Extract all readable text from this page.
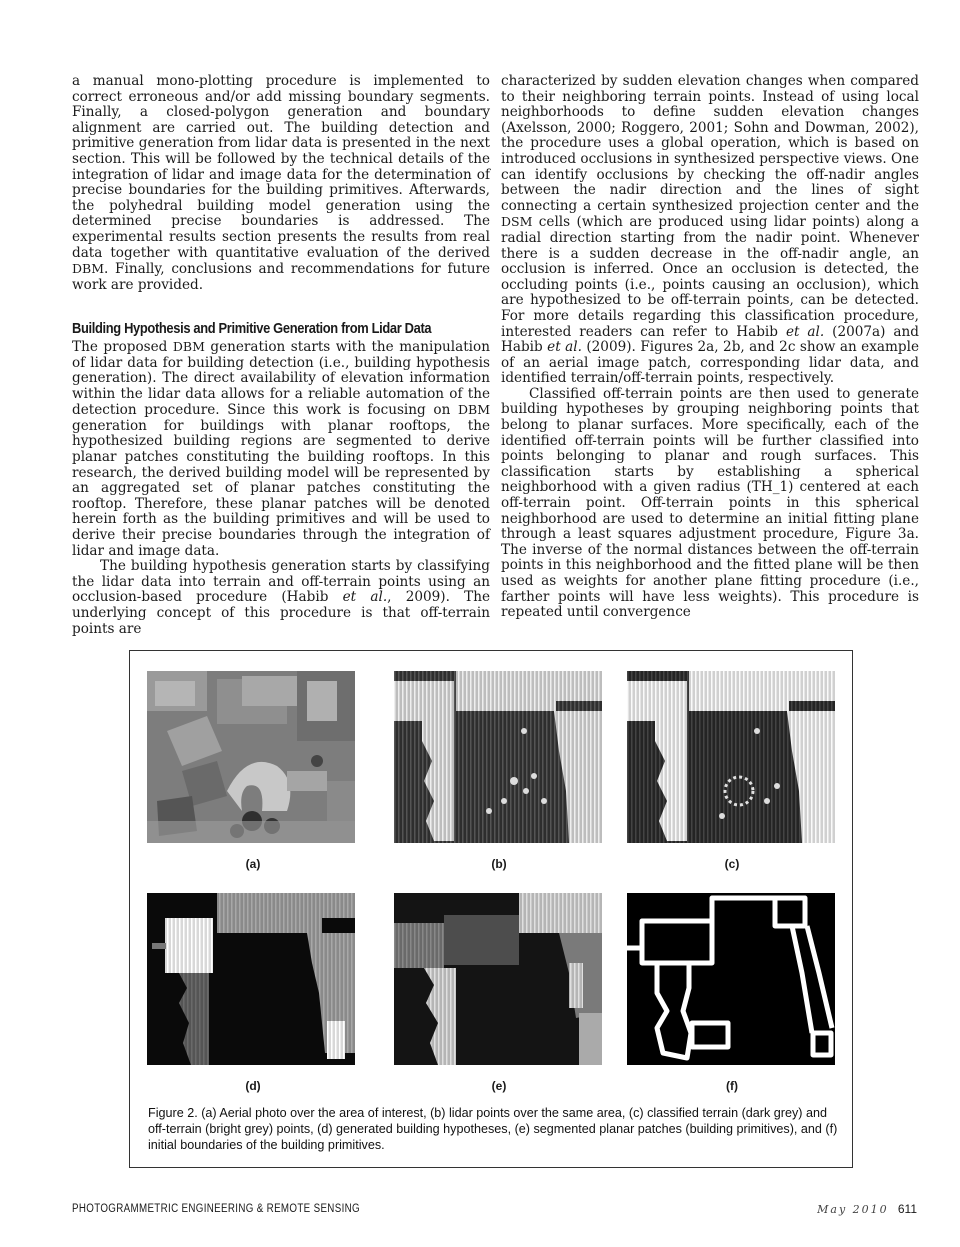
a manual mono-plotting procedure is implemented to correct erroneous and/or add missing boundary segments. Finally, a closed-polygon generation and boundary alignment are carried out. The building detection and primitive generation from lidar data is presented in the next section. This will be followed by the technical details of the integration of lidar and image data for the determination of precise boundaries for the building primitives. Afterwards, the polyhedral building model generation using the determined precise boundaries is addressed. The experimental results section presents the results from real data together with quantitative evaluation of the derived DBM. Finally, conclusions and recommendations for future work are provided.

Building Hypothesis and Primitive Generation from Lidar Data

The proposed DBM generation starts with the manipulation of lidar data for building detection (i.e., building hypothesis generation). The direct availability of elevation information within the lidar data allows for a reliable automation of the detection procedure. Since this work is focusing on DBM generation for buildings with planar rooftops, the hypothesized building regions are segmented to derive planar patches constituting the building rooftops. In this research, the derived building model will be represented by an aggregated set of planar patches constituting the rooftop. Therefore, these planar patches will be denoted herein forth as the building primitives and will be used to derive their precise boundaries through the integration of lidar and image data.

The building hypothesis generation starts by classifying the lidar data into terrain and off-terrain points using an occlusion-based procedure (Habib et al., 2009). The underlying concept of this procedure is that off-terrain points are

characterized by sudden elevation changes when compared to their neighboring terrain points. Instead of using local neighborhoods to define sudden elevation changes (Axelsson, 2000; Roggero, 2001; Sohn and Dowman, 2002), the procedure uses a global operation, which is based on introduced occlusions in synthesized perspective views. One can identify occlusions by checking the off-nadir angles between the nadir direction and the lines of sight connecting a certain synthesized projection center and the DSM cells (which are produced using lidar points) along a radial direction starting from the nadir point. Whenever there is a sudden decrease in the off-nadir angle, an occlusion is inferred. Once an occlusion is detected, the occluding points (i.e., points causing an occlusion), which are hypothesized to be off-terrain points, can be detected. For more details regarding this classification procedure, interested readers can refer to Habib et al. (2007a) and Habib et al. (2009). Figures 2a, 2b, and 2c show an example of an aerial image patch, corresponding lidar data, and identified terrain/off-terrain points, respectively.

Classified off-terrain points are then used to generate building hypotheses by grouping neighboring points that belong to planar surfaces. More specifically, each of the identified off-terrain points will be further classified into points belonging to planar and rough surfaces. This classification starts by establishing a spherical neighborhood with a given radius (TH_1) centered at each off-terrain point. Off-terrain points in this spherical neighborhood are used to determine an initial fitting plane through a least squares adjustment procedure, Figure 3a. The inverse of the normal distances between the off-terrain points in this neighborhood and the fitted plane will be then used as weights for another plane fitting procedure (i.e., farther points will have less weights). This procedure is repeated until convergence

(a)	(b)	(c)
(d)	(e)	(f)
Figure 2. (a) Aerial photo over the area of interest, (b) lidar points over the same area, (c) classified terrain (dark grey) and off-terrain (bright grey) points, (d) generated building hypotheses, (e) segmented planar patches (building primitives), and (f) initial boundaries of the building primitives.
PHOTOGRAMMETRIC ENGINEERING & REMOTE SENSING	May 2010 611
